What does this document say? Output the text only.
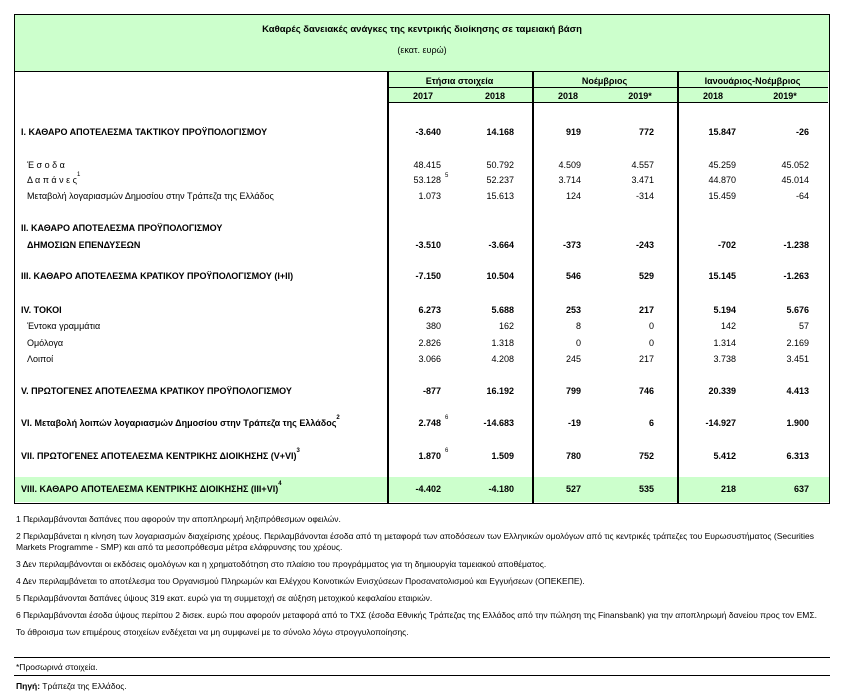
Καθαρές δανειακές ανάγκες της κεντρικής διοίκησης σε ταμειακή βάση
(εκατ. ευρώ)
Ετήσια στοιχεία
2017	2018
Νοέμβριος
2018	2019*
Ιανουάριος-Νοέμβριος
2018	2019*
I. ΚΑΘΑΡΟ ΑΠΟΤΕΛΕΣΜΑ ΤΑΚΤΙΚΟΥ ΠΡΟΫΠΟΛΟΓΙΣΜΟΥ	-3.640	14.168	919	772	15.847	-26
Έ σ ο δ α	48.415	50.792	4.509	4.557	45.259	45.052
Δ α π ά ν ε ς 1	53.128 5	52.237	3.714	3.471	44.870	45.014
Μεταβολή λογαριασμών Δημοσίου στην Τράπεζα της Ελλάδος	1.073	15.613	124	-314	15.459	-64
II. ΚΑΘΑΡΟ ΑΠΟΤΕΛΕΣΜΑ ΠΡΟΫΠΟΛΟΓΙΣΜΟΥ
ΔΗΜΟΣΙΩΝ ΕΠΕΝΔΥΣΕΩΝ	-3.510	-3.664	-373	-243	-702	-1.238
III. ΚΑΘΑΡΟ ΑΠΟΤΕΛΕΣΜΑ ΚΡΑΤΙΚΟΥ ΠΡΟΫΠΟΛΟΓΙΣΜΟΥ (I+II)	-7.150	10.504	546	529	15.145	-1.263
IV. ΤΟΚΟΙ	6.273	5.688	253	217	5.194	5.676
Έντοκα γραμμάτια	380	162	8	0	142	57
Ομόλογα	2.826	1.318	0	0	1.314	2.169
Λοιποί	3.066	4.208	245	217	3.738	3.451
V. ΠΡΩΤΟΓΕΝΕΣ ΑΠΟΤΕΛΕΣΜΑ ΚΡΑΤΙΚΟΥ ΠΡΟΫΠΟΛΟΓΙΣΜΟΥ	-877	16.192	799	746	20.339	4.413
VI. Μεταβολή λοιπών λογαριασμών Δημοσίου στην Τράπεζα της Ελλάδος 2	2.748 6	-14.683	-19	6	-14.927	1.900
VII. ΠΡΩΤΟΓΕΝΕΣ ΑΠΟΤΕΛΕΣΜΑ ΚΕΝΤΡΙΚΗΣ ΔΙΟΙΚΗΣΗΣ (V+VI) 3	1.870 6	1.509	780	752	5.412	6.313
VIII. ΚΑΘΑΡΟ ΑΠΟΤΕΛΕΣΜΑ ΚΕΝΤΡΙΚΗΣ ΔΙΟΙΚΗΣΗΣ (III+VI) 4	-4.402	-4.180	527	535	218	637

1 Περιλαμβάνονται δαπάνες που αφορούν την αποπληρωμή ληξιπρόθεσμων οφειλών.

2 Περιλαμβάνεται η κίνηση των λογαριασμών διαχείρισης χρέους. Περιλαμβάνονται έσοδα από τη μεταφορά των αποδόσεων των Ελληνικών ομολόγων από τις κεντρικές τράπεζες του Ευρωσυστήματος (Securities Markets Programme - SMP) και από τα μεσοπρόθεσμα μέτρα ελάφρυνσης του χρέους.

3 Δεν περιλαμβάνονται οι εκδόσεις ομολόγων και η χρηματοδότηση στο πλαίσιο του προγράμματος για τη δημιουργία ταμειακού αποθέματος.

4 Δεν περιλαμβάνεται το αποτέλεσμα του Οργανισμού Πληρωμών και Ελέγχου Κοινοτικών Ενισχύσεων Προσανατολισμού και Εγγυήσεων (ΟΠΕΚΕΠΕ).

5 Περιλαμβάνονται δαπάνες ύψους 319 εκατ. ευρώ για τη συμμετοχή σε αύξηση μετοχικού κεφαλαίου εταιριών.

6 Περιλαμβάνονται έσοδα ύψους περίπου 2 δισεκ. ευρώ που αφορούν μεταφορά από το ΤΧΣ (έσοδα Εθνικής Τράπεζας της Ελλάδος από την πώληση της Finansbank) για την αποπληρωμή δανείου προς τον ΕΜΣ.

Το άθροισμα των επιμέρους στοιχείων ενδέχεται να μη συμφωνεί με το σύνολο λόγω στρογγυλοποίησης.

*Προσωρινά στοιχεία.
Πηγή: Τράπεζα της Ελλάδος.
